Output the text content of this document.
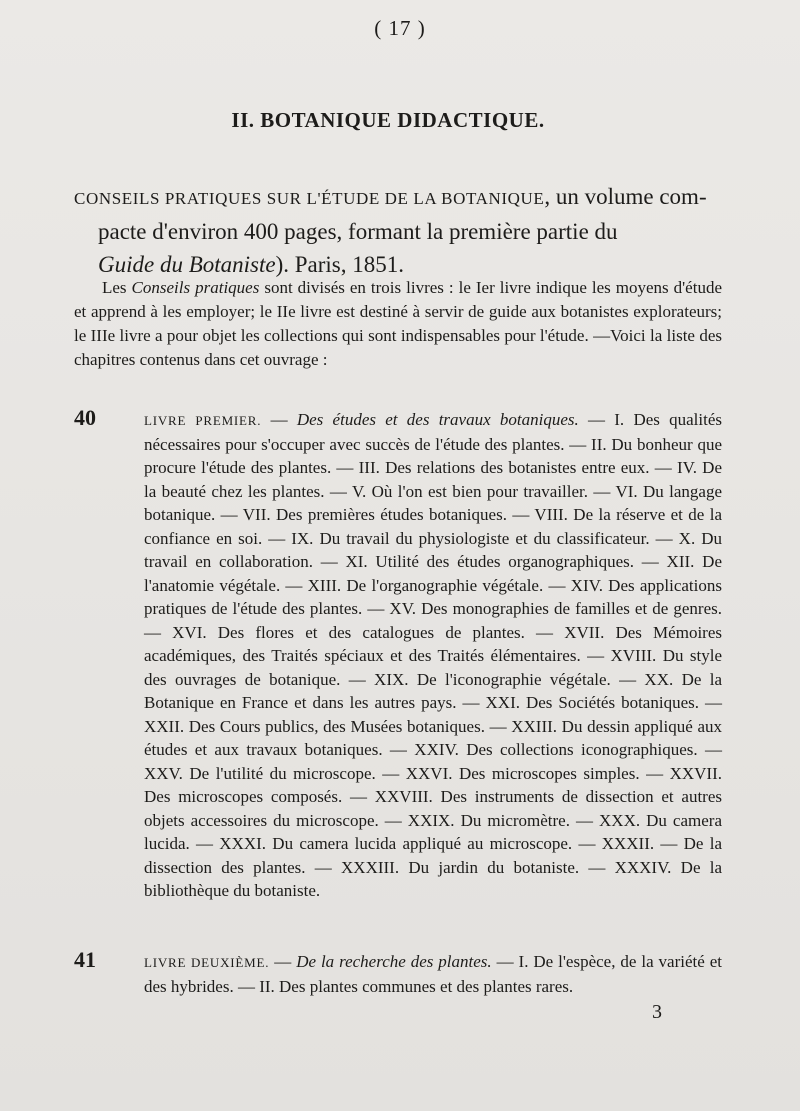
( 17 )
II. BOTANIQUE DIDACTIQUE.
CONSEILS PRATIQUES SUR L'ÉTUDE DE LA BOTANIQUE, un volume com-
pacte d'environ 400 pages, formant la première partie du
Guide du Botaniste). Paris, 1851.
Les Conseils pratiques sont divisés en trois livres : le Ier livre indique les moyens d'étude et apprend à les employer; le IIe livre est destiné à servir de guide aux botanistes explorateurs; le IIIe livre a pour objet les collections qui sont indispensables pour l'étude. —Voici la liste des chapitres contenus dans cet ouvrage :
40	LIVRE PREMIER. — Des études et des travaux botaniques. — I. Des qualités nécessaires pour s'occuper avec succès de l'étude des plantes. — II. Du bonheur que procure l'étude des plantes. — III. Des relations des botanistes entre eux. — IV. De la beauté chez les plantes. — V. Où l'on est bien pour travailler. — VI. Du langage botanique. — VII. Des premières études botaniques. — VIII. De la réserve et de la confiance en soi. — IX. Du travail du physiologiste et du classificateur. — X. Du travail en collaboration. — XI. Utilité des études organographiques. — XII. De l'anatomie végétale. — XIII. De l'organographie végétale. — XIV. Des applications pratiques de l'étude des plantes. — XV. Des monographies de familles et de genres. — XVI. Des flores et des catalogues de plantes. — XVII. Des Mémoires académiques, des Traités spéciaux et des Traités élémentaires. — XVIII. Du style des ouvrages de botanique. — XIX. De l'iconographie végétale. — XX. De la Botanique en France et dans les autres pays. — XXI. Des Sociétés botaniques. — XXII. Des Cours publics, des Musées botaniques. — XXIII. Du dessin appliqué aux études et aux travaux botaniques. — XXIV. Des collections iconographiques. — XXV. De l'utilité du microscope. — XXVI. Des microscopes simples. — XXVII. Des microscopes composés. — XXVIII. Des instruments de dissection et autres objets accessoires du microscope. — XXIX. Du micromètre. — XXX. Du camera lucida. — XXXI. Du camera lucida appliqué au microscope. — XXXII. — De la dissection des plantes. — XXXIII. Du jardin du botaniste. — XXXIV. De la bibliothèque du botaniste.
41	LIVRE DEUXIÈME. — De la recherche des plantes. — I. De l'espèce, de la variété et des hybrides. — II. Des plantes communes et des plantes rares.
3
